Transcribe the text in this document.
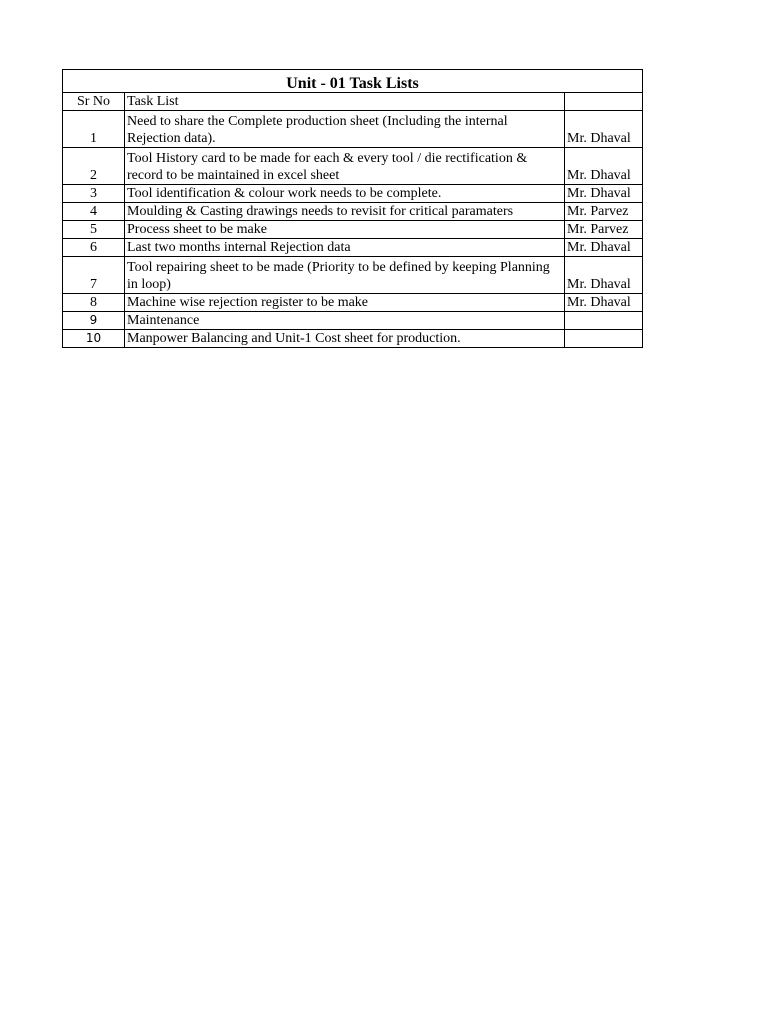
Unit - 01 Task Lists		
Sr No	Task List	
1	Need to share the Complete production sheet (Including the internal Rejection data).	Mr. Dhaval
2	Tool History card to be made for each & every tool / die rectification & record to be maintained in excel sheet	Mr. Dhaval
3	Tool identification & colour work needs to be complete.	Mr. Dhaval
4	Moulding & Casting drawings needs to revisit for critical paramaters	Mr. Parvez
5	Process sheet to be make	Mr. Parvez
6	Last two months internal Rejection data	Mr. Dhaval
7	Tool repairing sheet to be made (Priority to be defined by keeping Planning in loop)	Mr. Dhaval
8	Machine wise rejection register to be make	Mr. Dhaval
9	Maintenance	
10	Manpower Balancing and Unit-1 Cost sheet for production.	
